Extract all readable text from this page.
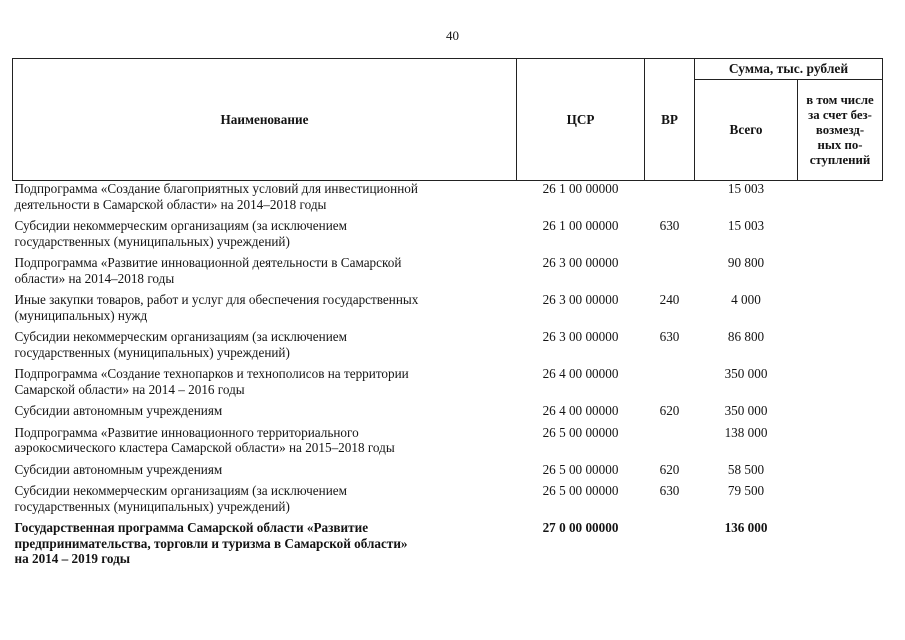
40
Наименование	ЦСР	ВР	Сумма, тыс. рублей	
			Всего	в том числе
за счет без-
возмезд-
ных по-
ступлений

Подпрограмма «Создание благоприятных условий для инвестиционной
деятельности в Самарской области» на 2014–2018 годы	26 1 00 00000		15 003	

Субсидии некоммерческим организациям (за исключением
государственных (муниципальных) учреждений)	26 1 00 00000	630	15 003	

Подпрограмма «Развитие инновационной деятельности в Самарской
области» на 2014–2018 годы	26 3 00 00000		90 800	

Иные закупки товаров, работ и услуг для обеспечения государственных
(муниципальных) нужд	26 3 00 00000	240	4 000	

Субсидии некоммерческим организациям (за исключением
государственных (муниципальных) учреждений)	26 3 00 00000	630	86 800	

Подпрограмма «Создание технопарков и технополисов на территории
Самарской области» на 2014 – 2016 годы	26 4 00 00000		350 000	

Субсидии автономным учреждениям	26 4 00 00000	620	350 000	

Подпрограмма «Развитие инновационного территориального
аэрокосмического кластера Самарской области» на 2015–2018 годы	26 5 00 00000		138 000	

Субсидии автономным учреждениям	26 5 00 00000	620	58 500	

Субсидии некоммерческим организациям (за исключением
государственных (муниципальных) учреждений)	26 5 00 00000	630	79 500	

Государственная программа Самарской области «Развитие
предпринимательства, торговли и туризма в Самарской области»
на 2014 – 2019 годы	27 0 00 00000		136 000	
